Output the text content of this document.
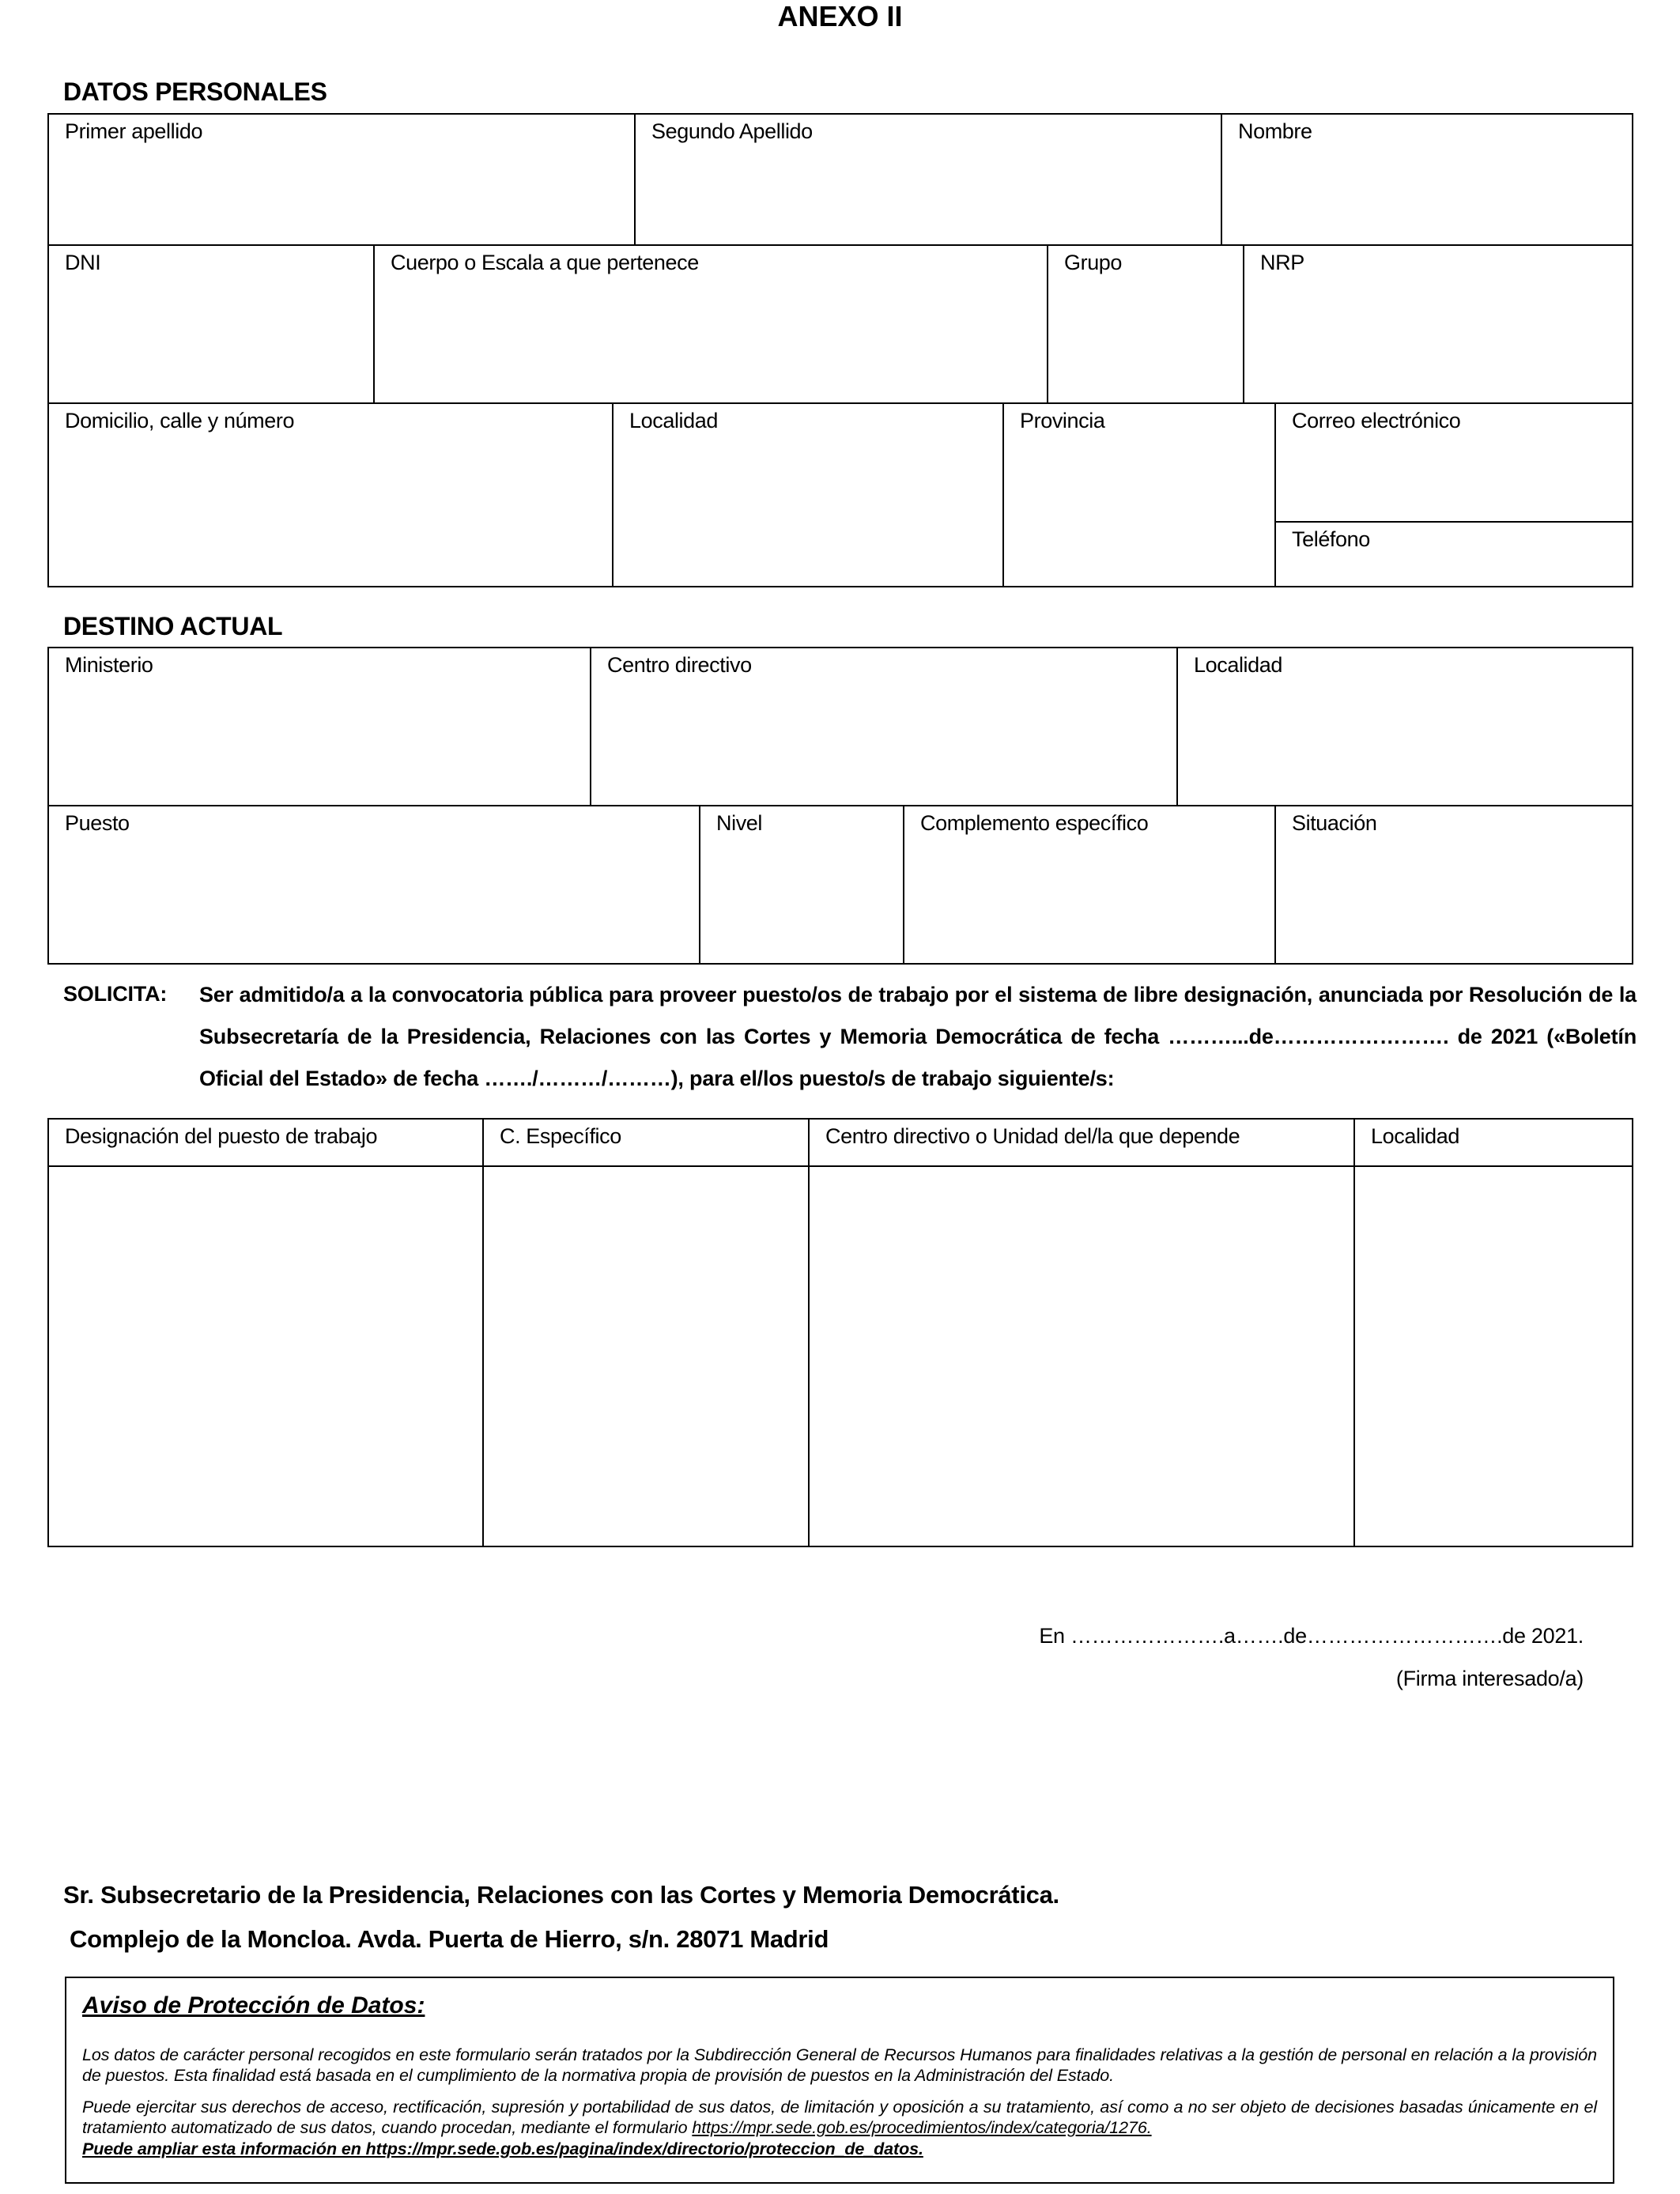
ANEXO II
DATOS PERSONALES
Primer apellido	Segundo Apellido	Nombre
DNI	Cuerpo o Escala a que pertenece	Grupo	NRP
Domicilio, calle y número	Localidad	Provincia	Correo electrónico
Teléfono
DESTINO ACTUAL
Ministerio	Centro directivo	Localidad
Puesto	Nivel	Complemento específico	Situación
SOLICITA: Ser admitido/a a la convocatoria pública para proveer puesto/os de trabajo por el sistema de libre designación, anunciada por Resolución de la Subsecretaría de la Presidencia, Relaciones con las Cortes y Memoria Democrática de fecha ………...de……………………. de 2021 («Boletín Oficial del Estado» de fecha ……./………/………), para el/los puesto/s de trabajo siguiente/s:
Designación del puesto de trabajo	C. Específico	Centro directivo o Unidad del/la que depende	Localidad
En ………………….a…….de……………………….de 2021.
(Firma interesado/a)
Sr. Subsecretario de la Presidencia, Relaciones con las Cortes y Memoria Democrática.
Complejo de la Moncloa. Avda. Puerta de Hierro, s/n. 28071 Madrid
Aviso de Protección de Datos:
Los datos de carácter personal recogidos en este formulario serán tratados por la Subdirección General de Recursos Humanos para finalidades relativas a la gestión de personal en relación a la provisión de puestos. Esta finalidad está basada en el cumplimiento de la normativa propia de provisión de puestos en la Administración del Estado.
Puede ejercitar sus derechos de acceso, rectificación, supresión y portabilidad de sus datos, de limitación y oposición a su tratamiento, así como a no ser objeto de decisiones basadas únicamente en el tratamiento automatizado de sus datos, cuando procedan, mediante el formulario https://mpr.sede.gob.es/procedimientos/index/categoria/1276.
Puede ampliar esta información en https://mpr.sede.gob.es/pagina/index/directorio/proteccion_de_datos.
